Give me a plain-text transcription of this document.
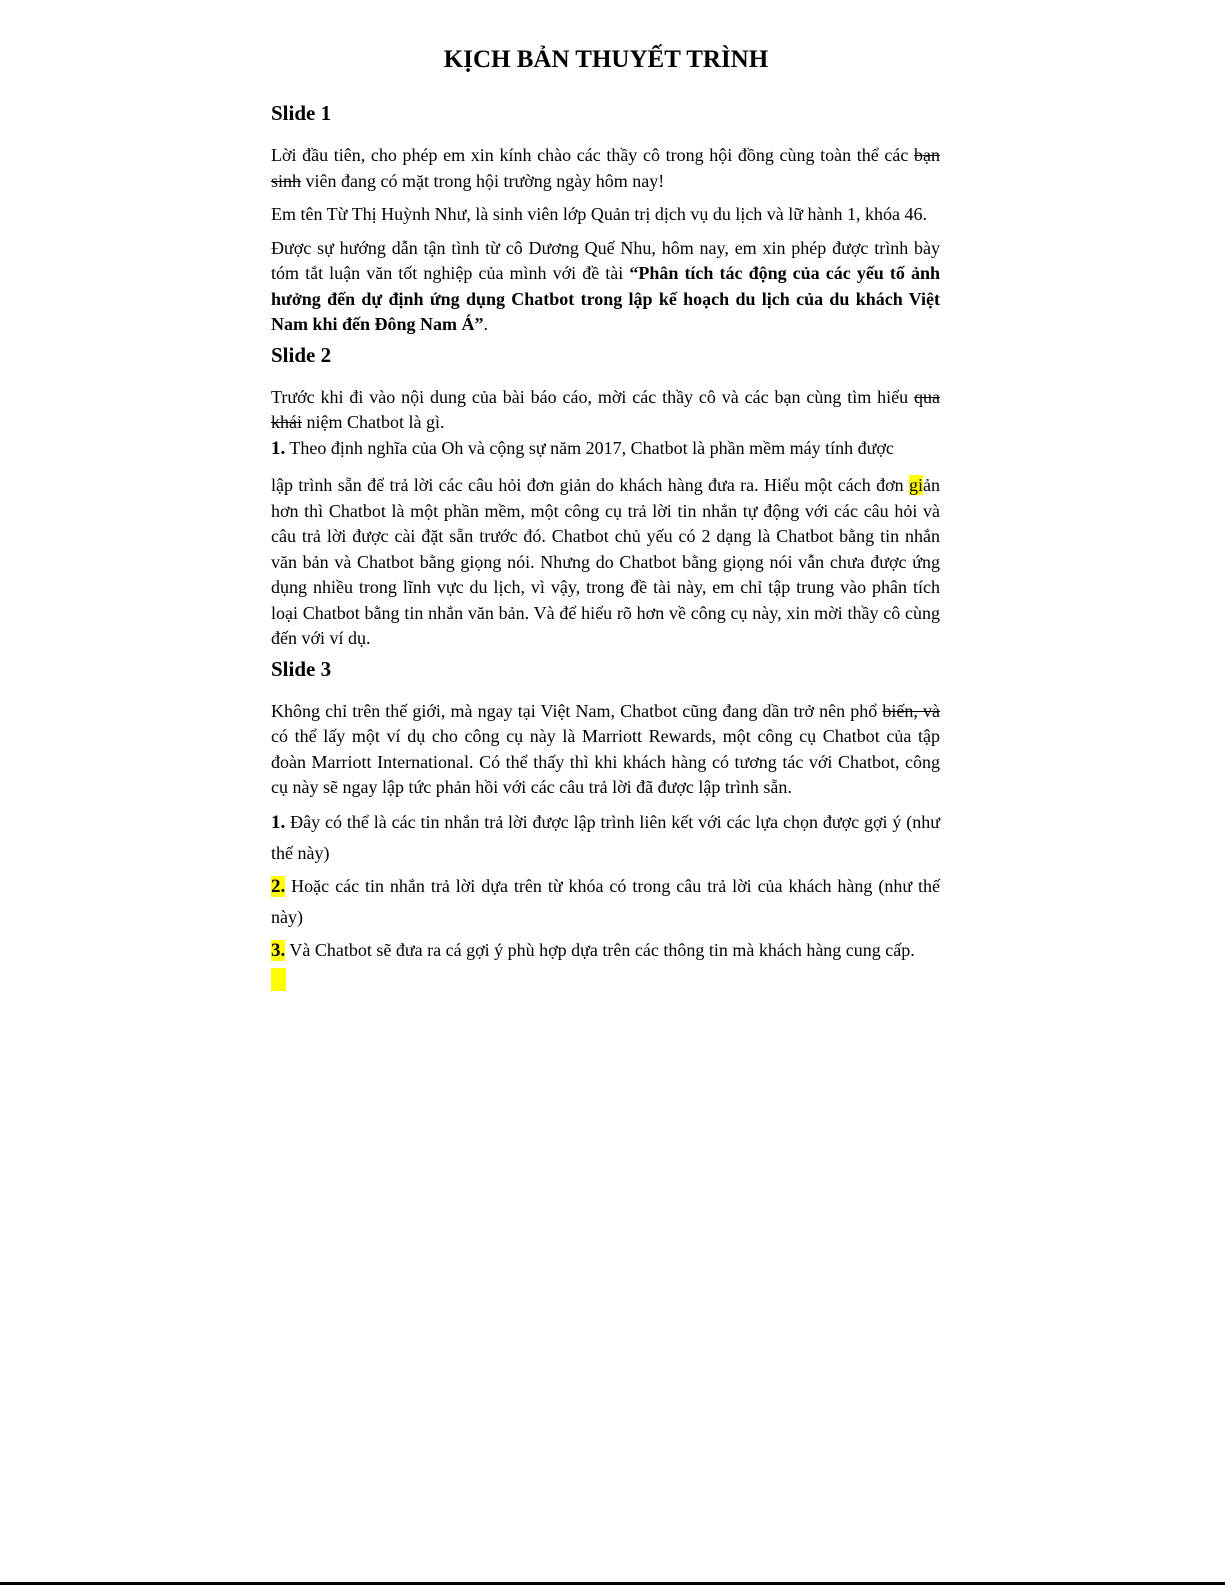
KỊCH BẢN THUYẾT TRÌNH
Slide 1

Lời đầu tiên, cho phép em xin kính chào các thầy cô trong hội đồng cùng toàn thể các bạn sinh viên đang có mặt trong hội trường ngày hôm nay!

Em tên Từ Thị Huỳnh Như, là sinh viên lớp Quản trị dịch vụ du lịch và lữ hành 1, khóa 46.

Được sự hướng dẫn tận tình từ cô Dương Quế Nhu, hôm nay, em xin phép được trình bày tóm tắt luận văn tốt nghiệp của mình với đề tài “Phân tích tác động của các yếu tố ảnh hưởng đến dự định ứng dụng Chatbot trong lập kế hoạch du lịch của du khách Việt Nam khi đến Đông Nam Á”.

Slide 2

Trước khi đi vào nội dung của bài báo cáo, mời các thầy cô và các bạn cùng tìm hiểu qua khái niệm Chatbot là gì.

1. Theo định nghĩa của Oh và cộng sự năm 2017, Chatbot là phần mềm máy tính được

lập trình sẵn để trả lời các câu hỏi đơn giản do khách hàng đưa ra. Hiểu một cách đơn giản hơn thì Chatbot là một phần mềm, một công cụ trả lời tin nhắn tự động với các câu hỏi và câu trả lời được cài đặt sẵn trước đó. Chatbot chủ yếu có 2 dạng là Chatbot bằng tin nhắn văn bản và Chatbot bằng giọng nói. Nhưng do Chatbot bằng giọng nói vẫn chưa được ứng dụng nhiều trong lĩnh vực du lịch, vì vậy, trong đề tài này, em chỉ tập trung vào phân tích loại Chatbot bằng tin nhắn văn bản. Và để hiểu rõ hơn về công cụ này, xin mời thầy cô cùng đến với ví dụ.

Slide 3

Không chỉ trên thế giới, mà ngay tại Việt Nam, Chatbot cũng đang dần trở nên phổ biến, và có thể lấy một ví dụ cho công cụ này là Marriott Rewards, một công cụ Chatbot của tập đoàn Marriott International. Có thể thấy thì khi khách hàng có tương tác với Chatbot, công cụ này sẽ ngay lập tức phản hồi với các câu trả lời đã được lập trình sẵn.

1. Đây có thể là các tin nhắn trả lời được lập trình liên kết với các lựa chọn được gợi ý (như thế này)

2. Hoặc các tin nhắn trả lời dựa trên từ khóa có trong câu trả lời của khách hàng (như thế này)

3. Và Chatbot sẽ đưa ra cá gợi ý phù hợp dựa trên các thông tin mà khách hàng cung cấp.
